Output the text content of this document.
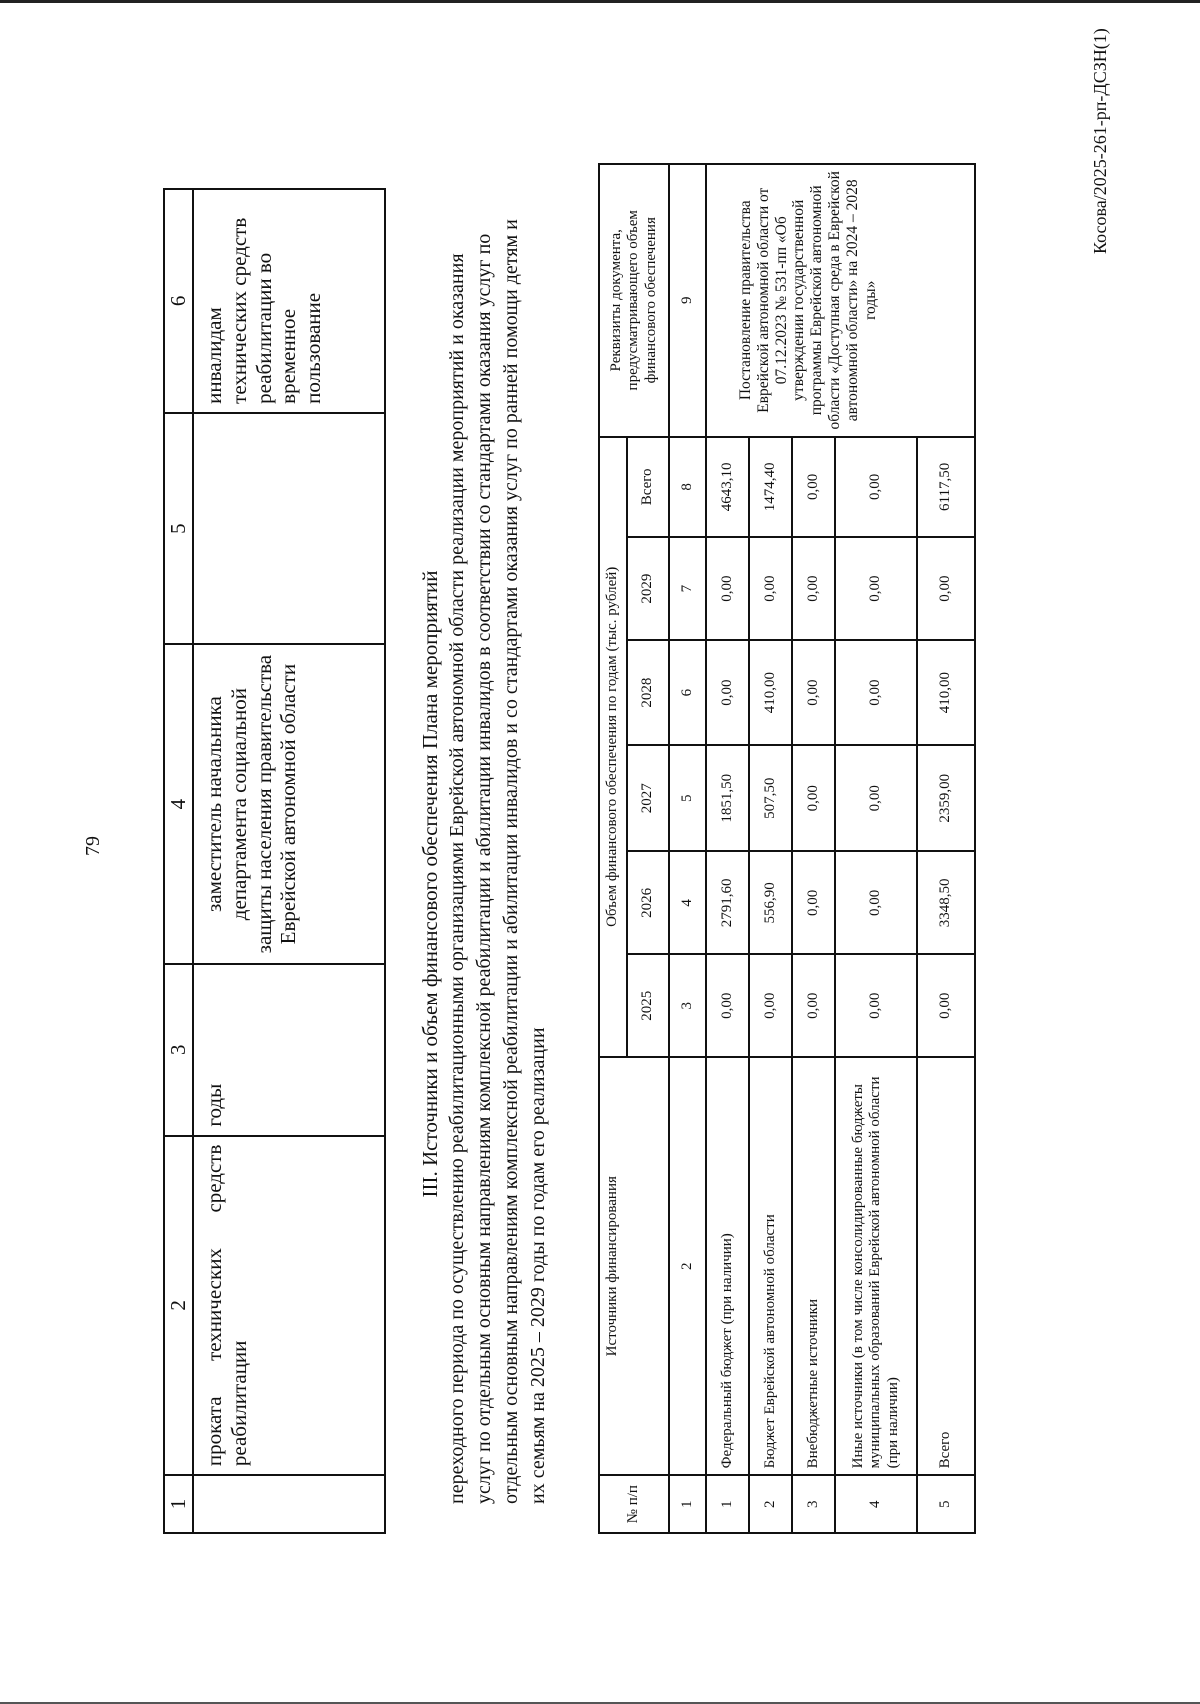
79
1	2	3	4	5	6
	проката технических средств реабилитации	годы	заместитель начальника департамента социальной защиты населения правительства Еврейской автономной области		инвалидам технических средств реабилитации во временное пользование
III. Источники и объем финансового обеспечения Плана мероприятий переходного периода по осуществлению реабилитационными организациями Еврейской автономной области реализации мероприятий и оказания услуг по отдельным основным направлениям комплексной реабилитации и абилитации инвалидов в соответствии со стандартами оказания услуг по отдельным основным направлениям комплексной реабилитации и абилитации инвалидов и со стандартами оказания услуг по ранней помощи детям и их семьям на 2025 – 2029 годы по годам его реализации
№ п/п	Источники финансирования	Объем финансового обеспечения по годам (тыс. рублей)						Реквизиты документа, предусматривающего объем финансового обеспечения
		2025	2026	2027	2028	2029	Всего	
1	2	3	4	5	6	7	8	9
1	Федеральный бюджет (при наличии)	0,00	2791,60	1851,50	0,00	0,00	4643,10	Постановление правительства Еврейской автономной области от 07.12.2023 № 531-пп «Об утверждении государственной программы Еврейской автономной области «Доступная среда в Еврейской автономной области» на 2024 – 2028 годы»
2	Бюджет Еврейской автономной области	0,00	556,90	507,50	410,00	0,00	1474,40	
3	Внебюджетные источники	0,00	0,00	0,00	0,00	0,00	0,00	
4	Иные источники (в том числе консолидированные бюджеты муниципальных образований Еврейской автономной области (при наличии)	0,00	0,00	0,00	0,00	0,00	0,00	
5	Всего	0,00	3348,50	2359,00	410,00	0,00	6117,50	
Косова/2025-261-рп-ДСЗН(1)
